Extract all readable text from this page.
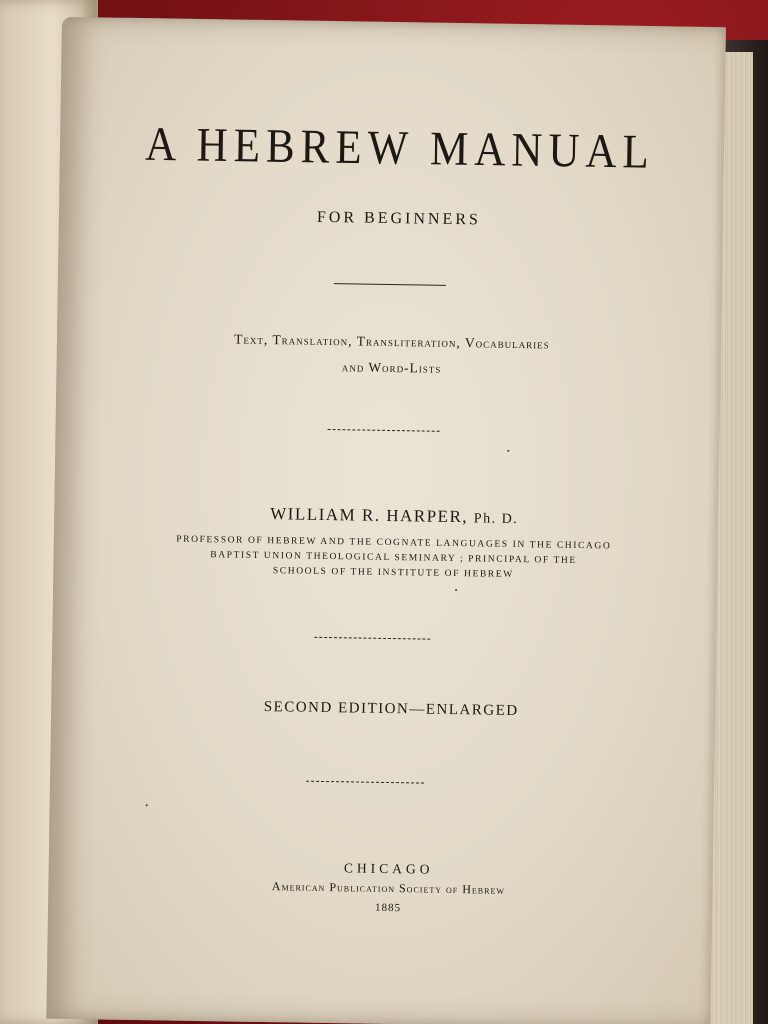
A HEBREW MANUAL
FOR BEGINNERS
Text, Translation, Transliteration, Vocabularies
and Word-Lists
WILLIAM R. HARPER, Ph. D.
PROFESSOR OF HEBREW AND THE COGNATE LANGUAGES IN THE CHICAGO
BAPTIST UNION THEOLOGICAL SEMINARY ; PRINCIPAL OF THE
SCHOOLS OF THE INSTITUTE OF HEBREW
SECOND EDITION—ENLARGED
CHICAGO
American Publication Society of Hebrew
1885
